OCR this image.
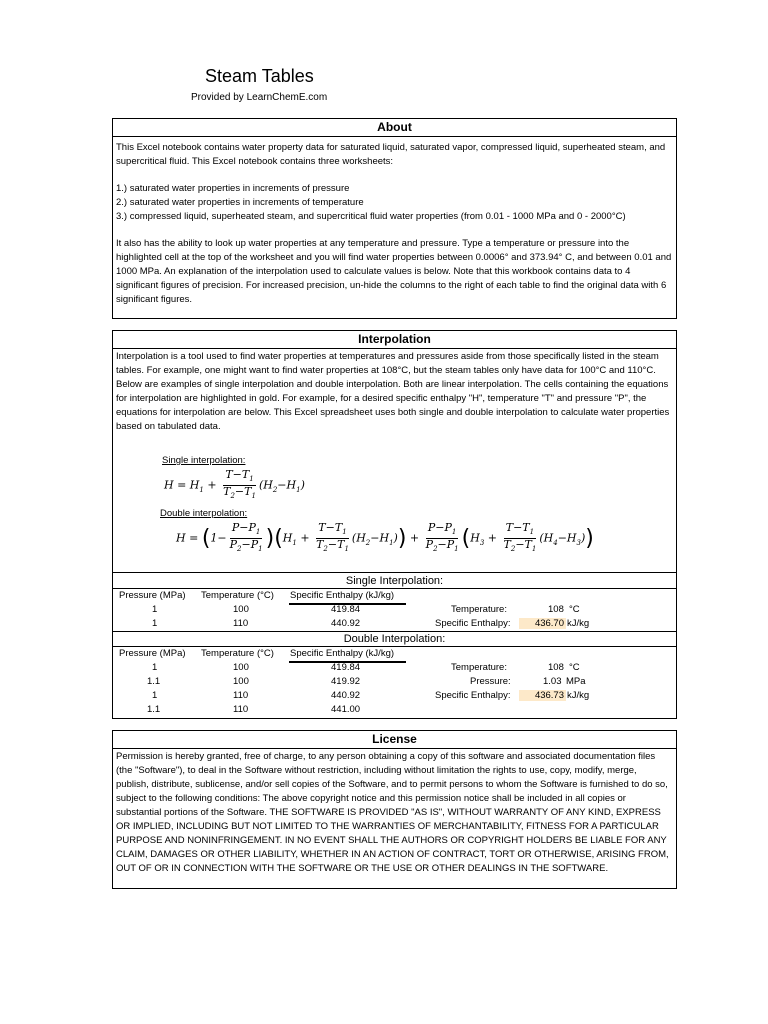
Steam Tables
Provided by LearnChemE.com
About

This Excel notebook contains water property data for saturated liquid, saturated vapor, compressed liquid, superheated steam, and supercritical fluid. This Excel notebook contains three worksheets:

1.) saturated water properties in increments of pressure
2.) saturated water properties in increments of temperature
3.) compressed liquid, superheated steam, and supercritical fluid water properties (from 0.01 - 1000 MPa and 0 - 2000°C)

It also has the ability to look up water properties at any temperature and pressure. Type a temperature or pressure into the highlighted cell at the top of the worksheet and you will find water properties between 0.0006° and 373.94° C, and between 0.01 and 1000 MPa. An explanation of the interpolation used to calculate values is below. Note that this workbook contains data to 4 significant figures of precision. For increased precision, un-hide the columns to the right of each table to find the original data with 6 significant figures.

Interpolation

Interpolation is a tool used to find water properties at temperatures and pressures aside from those specifically listed in the steam tables. For example, one might want to find water properties at 108°C, but the steam tables only have data for 100°C and 110°C. Below are examples of single interpolation and double interpolation. Both are linear interpolation. The cells containing the equations for interpolation are highlighted in gold. For example, for a desired specific enthalpy "H", temperature "T" and pressure "P", the equations for interpolation are below. This Excel spreadsheet uses both single and double interpolation to calculate water properties based on tabulated data.

Single interpolation:
$H = H_1 + \frac{T-T_1}{T_2-T_1} (H_2-H_1)$
Double interpolation:
$H = (1- \frac{P-P_1}{P_2-P_1} )(H_1 + \frac{T-T_1}{T_2-T_1} (H_2-H_1)) + \frac{P-P_1}{P_2-P_1} (H_3 + \frac{T-T_1}{T_2-T_1} (H_4-H_3))$
Single Interpolation:
Pressure (MPa) Temperature (°C) Specific Enthalpy (kJ/kg)
1	100	419.84
1	110	440.92
Temperature:	108 °C
Specific Enthalpy:	436.70 kJ/kg
Double Interpolation:
Pressure (MPa) Temperature (°C) Specific Enthalpy (kJ/kg)
1	100	419.84
1.1	100	419.92
1	110	440.92
1.1	110	441.00
Temperature:	108 °C
Pressure:	1.03 MPa
Specific Enthalpy:	436.73 kJ/kg
License

Permission is hereby granted, free of charge, to any person obtaining a copy of this software and associated documentation files (the "Software"), to deal in the Software without restriction, including without limitation the rights to use, copy, modify, merge, publish, distribute, sublicense, and/or sell copies of the Software, and to permit persons to whom the Software is furnished to do so, subject to the following conditions: The above copyright notice and this permission notice shall be included in all copies or substantial portions of the Software. THE SOFTWARE IS PROVIDED "AS IS", WITHOUT WARRANTY OF ANY KIND, EXPRESS OR IMPLIED, INCLUDING BUT NOT LIMITED TO THE WARRANTIES OF MERCHANTABILITY, FITNESS FOR A PARTICULAR PURPOSE AND NONINFRINGEMENT. IN NO EVENT SHALL THE AUTHORS OR COPYRIGHT HOLDERS BE LIABLE FOR ANY CLAIM, DAMAGES OR OTHER LIABILITY, WHETHER IN AN ACTION OF CONTRACT, TORT OR OTHERWISE, ARISING FROM, OUT OF OR IN CONNECTION WITH THE SOFTWARE OR THE USE OR OTHER DEALINGS IN THE SOFTWARE.
